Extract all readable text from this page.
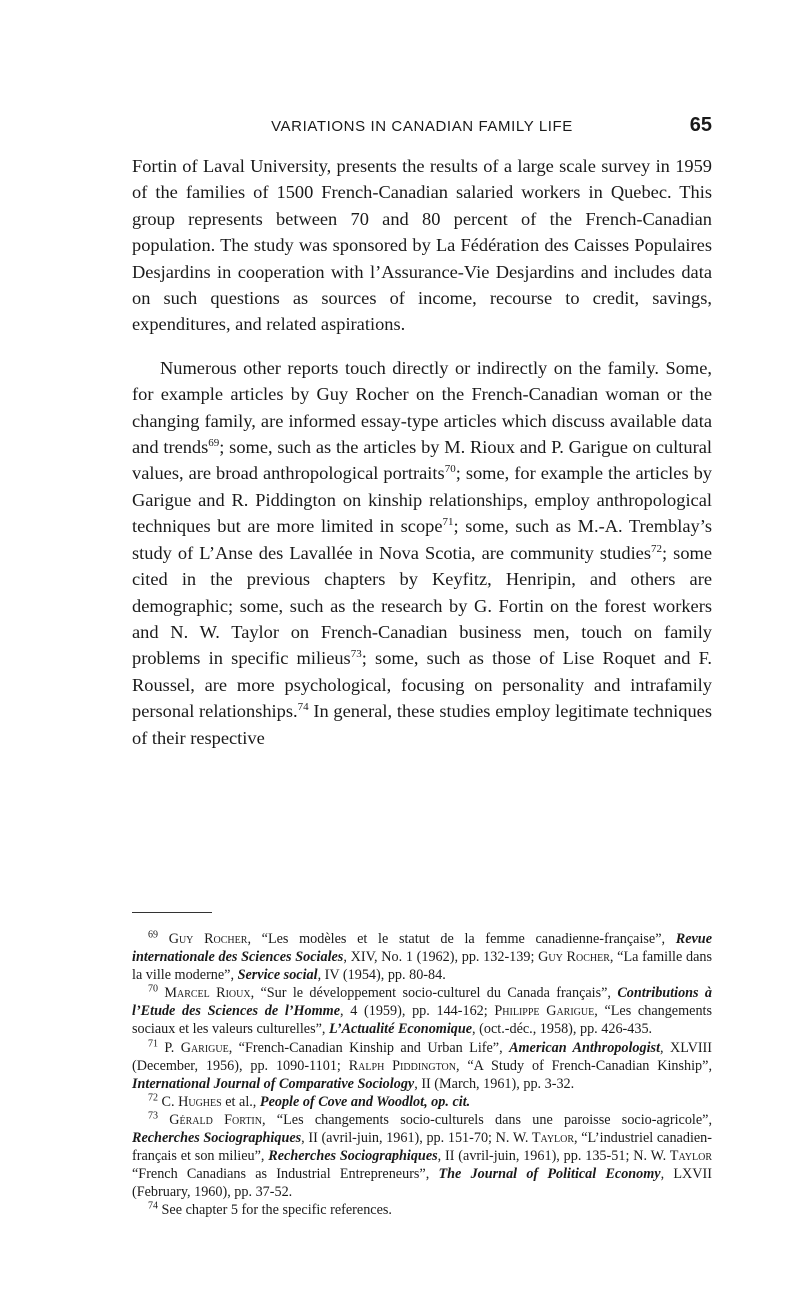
VARIATIONS IN CANADIAN FAMILY LIFE	65

Fortin of Laval University, presents the results of a large scale survey in 1959 of the families of 1500 French-Canadian salaried workers in Quebec. This group represents between 70 and 80 percent of the French-Canadian population. The study was sponsored by La Fédération des Caisses Populaires Desjardins in cooperation with l’Assurance-Vie Desjardins and includes data on such questions as sources of income, recourse to credit, savings, expenditures, and related aspirations.

Numerous other reports touch directly or indirectly on the family. Some, for example articles by Guy Rocher on the French-Canadian woman or the changing family, are informed essay-type articles which discuss available data and trends$^{69}$; some, such as the articles by M. Rioux and P. Garigue on cultural values, are broad anthropological portraits$^{70}$; some, for example the articles by Garigue and R. Piddington on kinship relationships, employ anthropological techniques but are more limited in scope$^{71}$; some, such as M.-A. Tremblay’s study of L’Anse des Lavallée in Nova Scotia, are community studies$^{72}$; some cited in the previous chapters by Keyfitz, Henripin, and others are demographic; some, such as the research by G. Fortin on the forest workers and N. W. Taylor on French-Canadian business men, touch on family problems in specific milieus$^{73}$; some, such as those of Lise Roquet and F. Roussel, are more psychological, focusing on personality and intrafamily personal relationships.$^{74}$ In general, these studies employ legitimate techniques of their respective

$^{69}$ Guy Rocher, “Les modèles et le statut de la femme canadienne-française”, Revue internationale des Sciences Sociales, XIV, No. 1 (1962), pp. 132-139; Guy Rocher, “La famille dans la ville moderne”, Service social, IV (1954), pp. 80-84.

$^{70}$ Marcel Rioux, “Sur le développement socio-culturel du Canada français”, Contributions à l’Etude des Sciences de l’Homme, 4 (1959), pp. 144-162; Philippe Garigue, “Les changements sociaux et les valeurs culturelles”, L’Actualité Economique, (oct.-déc., 1958), pp. 426-435.

$^{71}$ P. Garigue, “French-Canadian Kinship and Urban Life”, American Anthropologist, XLVIII (December, 1956), pp. 1090-1101; Ralph Piddington, “A Study of French-Canadian Kinship”, International Journal of Comparative Sociology, II (March, 1961), pp. 3-32.

$^{72}$ C. Hughes et al., People of Cove and Woodlot, op. cit.

$^{73}$ Gérald Fortin, “Les changements socio-culturels dans une paroisse socio-agricole”, Recherches Sociographiques, II (avril-juin, 1961), pp. 151-70; N. W. Taylor, “L’industriel canadien-français et son milieu”, Recherches Sociographiques, II (avril-juin, 1961), pp. 135-51; N. W. Taylor “French Canadians as Industrial Entrepreneurs”, The Journal of Political Economy, LXVII (February, 1960), pp. 37-52.

$^{74}$ See chapter 5 for the specific references.
